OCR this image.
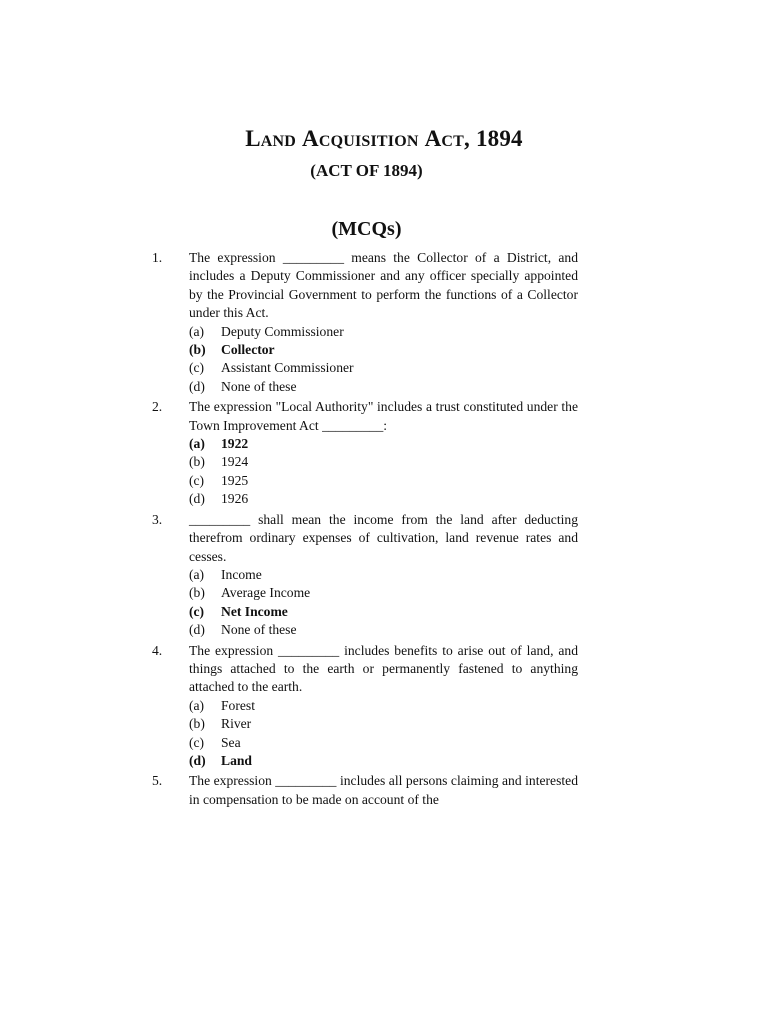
Land Acquisition Act, 1894
(ACT OF 1894)
(MCQs)
1. The expression _________ means the Collector of a District, and includes a Deputy Commissioner and any officer specially appointed by the Provincial Government to perform the functions of a Collector under this Act.
(a) Deputy Commissioner
(b) Collector
(c) Assistant Commissioner
(d) None of these
2. The expression "Local Authority" includes a trust constituted under the Town Improvement Act _________:
(a) 1922
(b) 1924
(c) 1925
(d) 1926
3. _________ shall mean the income from the land after deducting therefrom ordinary expenses of cultivation, land revenue rates and cesses.
(a) Income
(b) Average Income
(c) Net Income
(d) None of these
4. The expression _________ includes benefits to arise out of land, and things attached to the earth or permanently fastened to anything attached to the earth.
(a) Forest
(b) River
(c) Sea
(d) Land
5. The expression _________ includes all persons claiming and interested in compensation to be made on account of the
